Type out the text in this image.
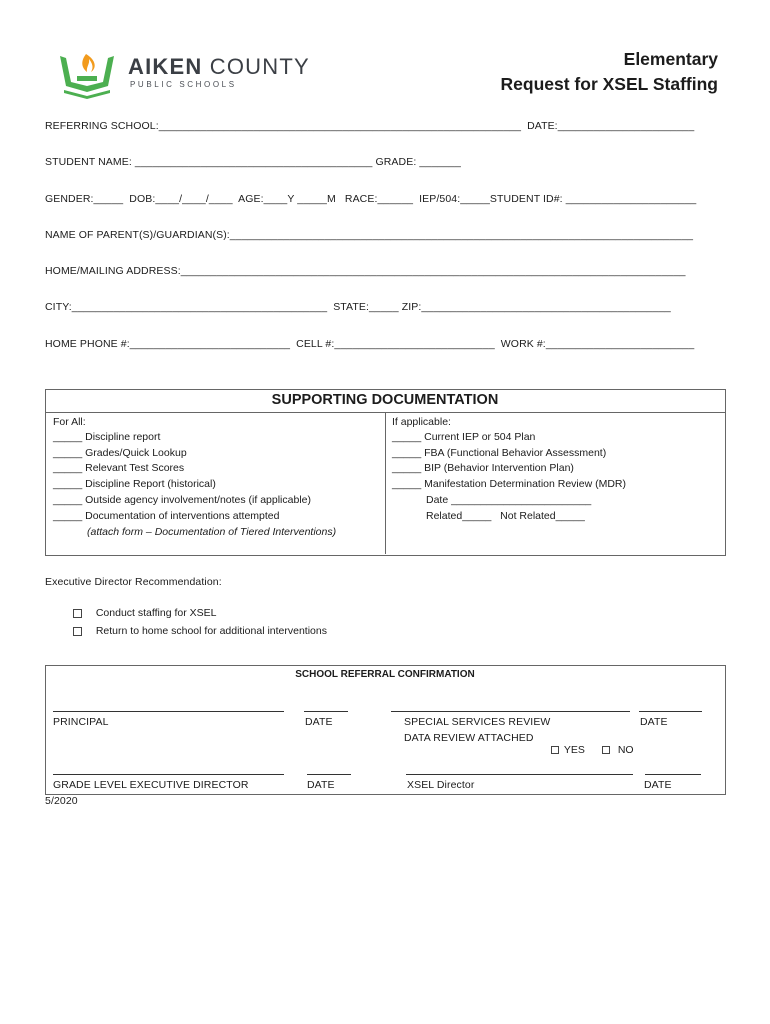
AIKEN COUNTY
PUBLIC SCHOOLS
Elementary
Request for XSEL Staffing
REFERRING SCHOOL:_____________________________________________________________  DATE:_______________________
STUDENT NAME: ________________________________________ GRADE: _______
GENDER:_____  DOB:____/____/____  AGE:____Y _____M   RACE:______  IEP/504:_____STUDENT ID#: ______________________
NAME OF PARENT(S)/GUARDIAN(S):______________________________________________________________________________
HOME/MAILING ADDRESS:_____________________________________________________________________________________
CITY:___________________________________________  STATE:_____ ZIP:__________________________________________
HOME PHONE #:___________________________  CELL #:___________________________  WORK #:_________________________
SUPPORTING DOCUMENTATION
For All:
_____ Discipline report
_____ Grades/Quick Lookup
_____ Relevant Test Scores
_____ Discipline Report (historical)
_____ Outside agency involvement/notes (if applicable)
_____ Documentation of interventions attempted
(attach form – Documentation of Tiered Interventions)
If applicable:
_____ Current IEP or 504 Plan
_____ FBA (Functional Behavior Assessment)
_____ BIP (Behavior Intervention Plan)
_____ Manifestation Determination Review (MDR)
Date ________________________
Related_____   Not Related_____
Executive Director Recommendation:

Conduct staffing for XSEL

Return to home school for additional interventions

SCHOOL REFERRAL CONFIRMATION
PRINCIPAL	DATE	SPECIAL SERVICES REVIEW	DATE
DATA REVIEW ATTACHED

YES	NO

GRADE LEVEL EXECUTIVE DIRECTOR	DATE	XSEL Director	DATE
5/2020
